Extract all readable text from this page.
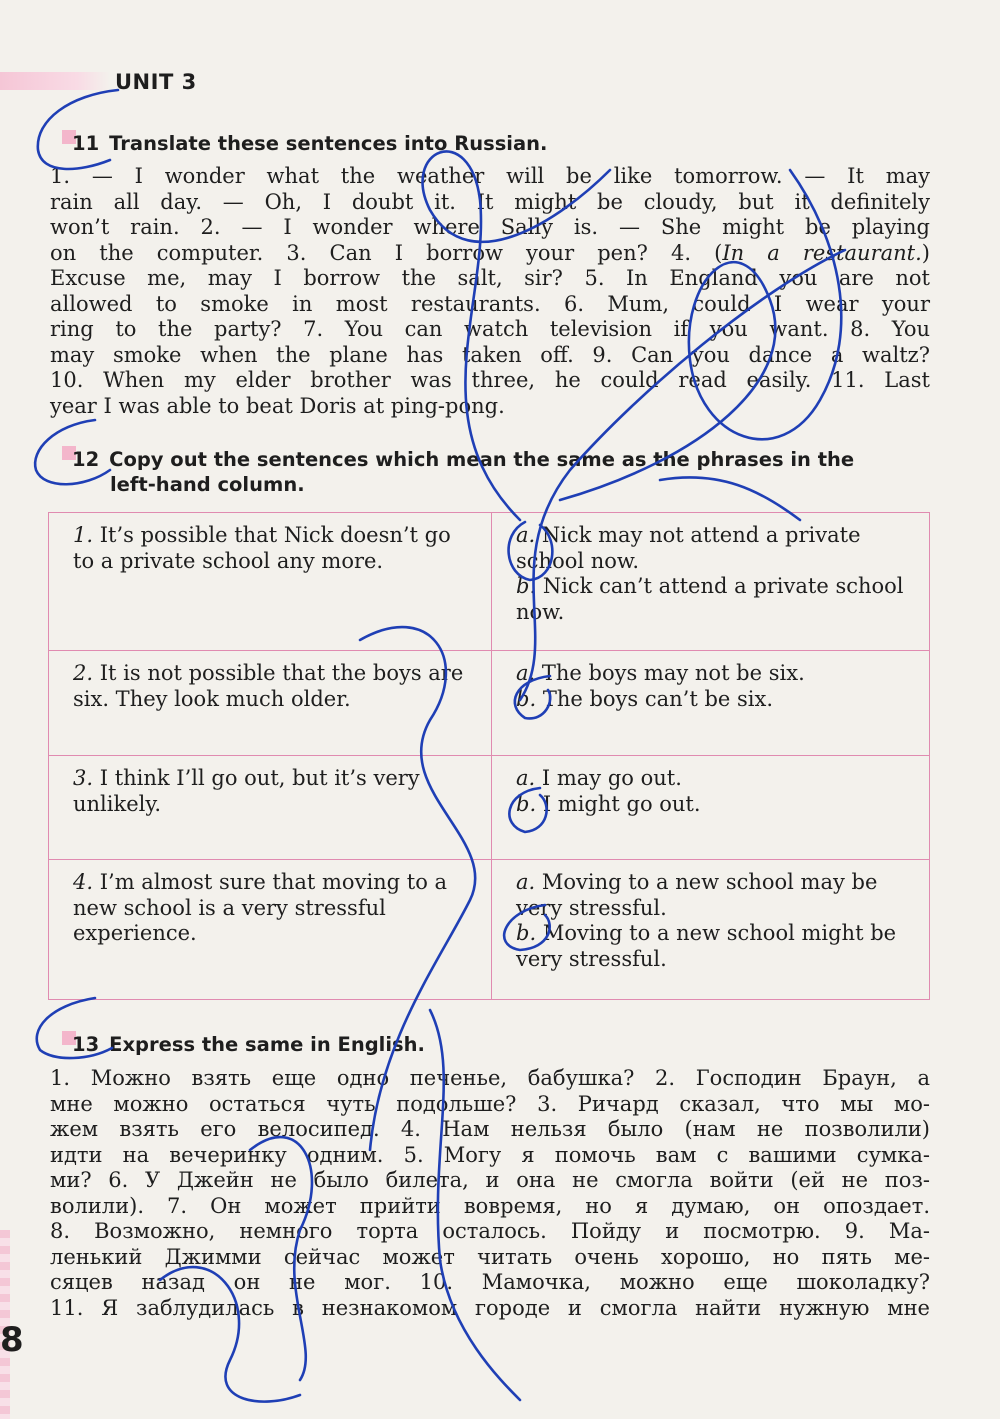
UNIT 3
11 Translate these sentences into Russian.
1. — I wonder what the weather will be like tomorrow. — It may
rain all day. — Oh, I doubt it. It might be cloudy, but it definitely
won’t rain. 2. — I wonder where Sally is. — She might be playing
on the computer. 3. Can I borrow your pen? 4. (In a restaurant.)
Excuse me, may I borrow the salt, sir? 5. In England you are not
allowed to smoke in most restaurants. 6. Mum, could I wear your
ring to the party? 7. You can watch television if you want. 8. You
may smoke when the plane has taken off. 9. Can you dance a waltz?
10. When my elder brother was three, he could read easily. 11. Last
year I was able to beat Doris at ping-pong.
12 Copy out the sentences which mean the same as the phrases in the
left-hand column.
1. It’s possible that Nick doesn’t go to a private school any more.	a. Nick may not attend a private school now.
b. Nick can’t attend a private school now.

2. It is not possible that the boys are six. They look much older.	a. The boys may not be six.
b. The boys can’t be six.

3. I think I’ll go out, but it’s very unlikely.	a. I may go out.
b. I might go out.

4. I’m almost sure that moving to a new school is a very stressful experience.	a. Moving to a new school may be very stressful.
b. Moving to a new school might be very stressful.
13 Express the same in English.
1. Можно взять еще одно печенье, бабушка? 2. Господин Браун, а
мне можно остаться чуть подольше? 3. Ричард сказал, что мы мо-
жем взять его велосипед. 4. Нам нельзя было (нам не позволили)
идти на вечеринку одним. 5. Могу я помочь вам с вашими сумка-
ми? 6. У Джейн не было билета, и она не смогла войти (ей не поз-
волили). 7. Он может прийти вовремя, но я думаю, он опоздает.
8. Возможно, немного торта осталось. Пойду и посмотрю. 9. Ма-
ленький Джимми сейчас может читать очень хорошо, но пять ме-
сяцев назад он не мог. 10. Мамочка, можно еще шоколадку?
11. Я заблудилась в незнакомом городе и смогла найти нужную мне
8
